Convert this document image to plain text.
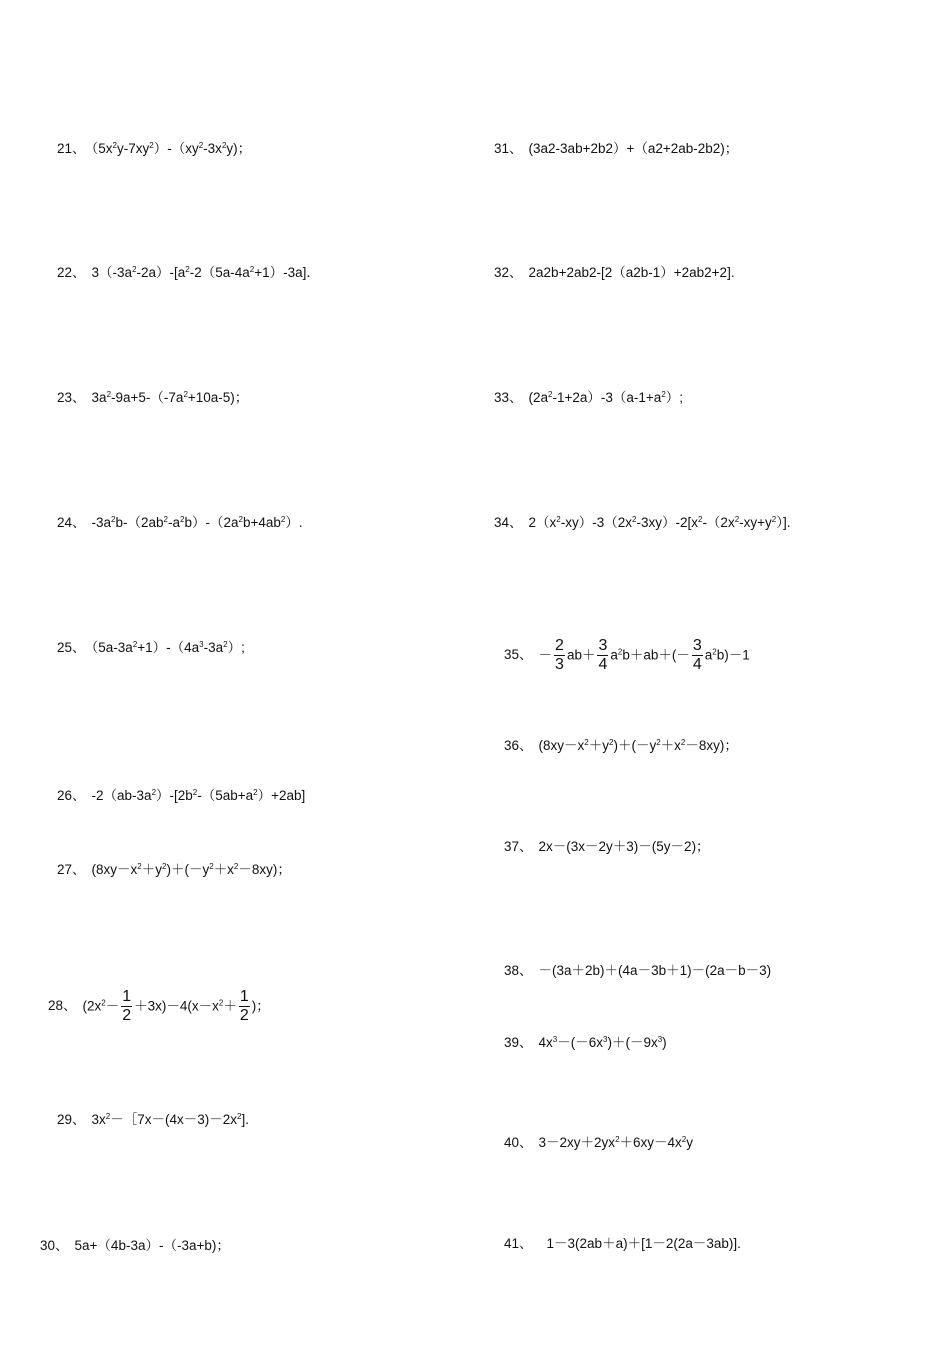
21、 $(5x^2y-7xy^2)-(xy^2-3x^2y)$；
22、 $3(-3a^2-2a)-[a^2-2(5a-4a^2+1)-3a]$．
23、 $3a^2-9a+5-(-7a^2+10a-5)$；
24、 $-3a^2b-(2ab^2-a^2b)-(2a^2b+4ab^2)$.
25、 $(5a-3a^2+1)-(4a^3-3a^2)$;
26、 $-2(ab-3a^2)-[2b^2-(5ab+a^2)+2ab]$
27、 $(8xy-x^2+y^2)+(-y^2+x^2-8xy)$；
28、 $(2x^2- \frac{1}{2} +3x)-4(x-x^2+ \frac{1}{2}$ )；
29、 $3x^2-[7x-(4x-3)-2x^2$].
30、 5a+（4b-3a）-（-3a+b)；
31、 (3a2-3ab+2b2）+（a2+2ab-2b2)；
32、 2a2b+2ab2-[2（a2b-1）+2ab2+2].
33、 $(2a^2-1+2a)-3(a-1+a^2)$;
34、 $2(x^2-xy)-3(2x^2-3xy)-2[x^2-(2x^2-xy+y^2)]$.
35、 － $\frac{2}{3} ab+ \frac{3}{4} a^2b+ab+(- \frac{3}{4} a^2b)-1$
36、 $(8xy-x^2+y^2)+(-y^2+x^2-8xy)$；
37、 2x－(3x－2y＋3)－(5y－2)；
38、 －(3a＋2b)＋(4a－3b＋1)－(2a－b－3)
39、 $4x^3-(-6x^3)+(-9x^3)$
40、 $3-2xy+2yx^2+6xy-4x^2y$
41、 1－3(2ab＋a)＋[1－2(2a－3ab)].
